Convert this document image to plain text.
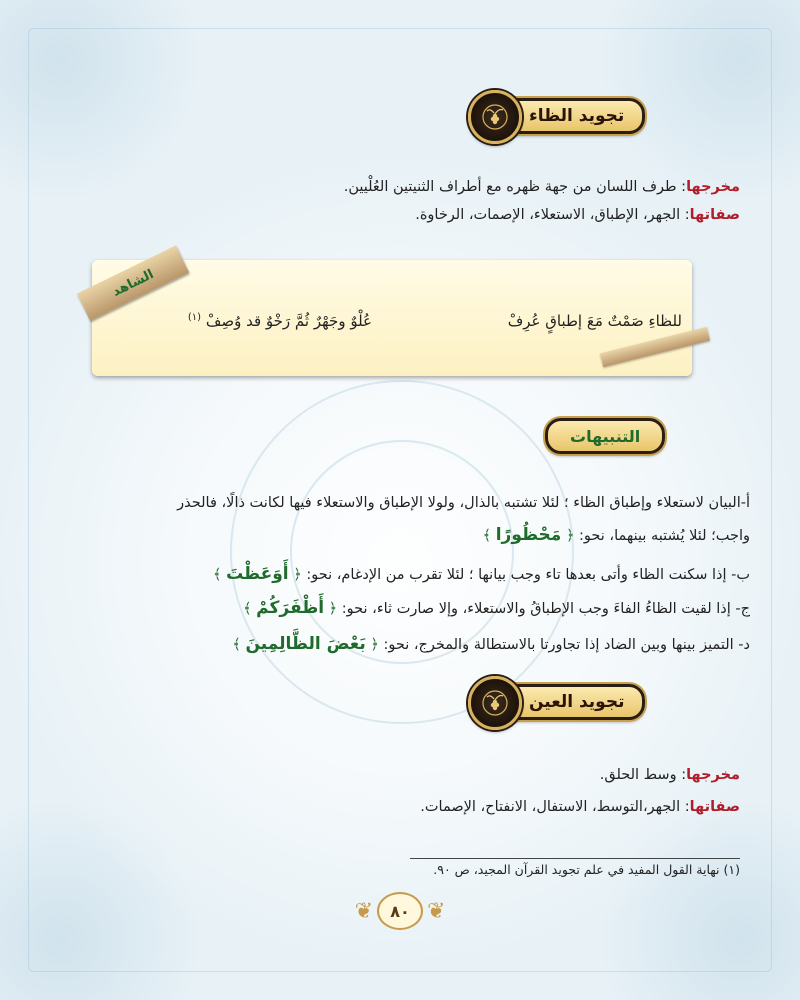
تجويد الظاء
مخرجها: طرف اللسان من جهة ظهره مع أطراف الثنيتين العُلْيين.
صفاتها: الجهر، الإطباق، الاستعلاء، الإصمات، الرخاوة.
الشاهد
للظاءِ صَمْتٌ مَعَ إطباقٍ عُرِفْ
عُلْوٌ وجَهْرٌ ثُمَّ رَخْوٌ قد وُصِفْ $^{(١)}$
التنبيهات
أ-البيان لاستعلاء وإطباق الظاء ؛ لئلا تشتبه بالذال، ولولا الإطباق والاستعلاء فيها لكانت ذالًا، فالحذر
واجب؛ لئلا يُشتبه بينهما، نحو: ﴿ مَحْظُورًا ﴾
ب- إذا سكنت الظاء وأتى بعدها تاء وجب بيانها ؛ لئلا تقرب من الإدغام، نحو: ﴿ أَوَعَظْتَ ﴾
ج- إذا لقيت الظاءُ الفاءَ وجب الإطباقُ والاستعلاء، وإلا صارت ثاء، نحو: ﴿ أَظْفَرَكُمْ ﴾
د- التميز بينها وبين الضاد إذا تجاورتا بالاستطالة والمخرج، نحو: ﴿ بَعْضَ الظَّالِمِينَ ﴾
تجويد العين
مخرجها: وسط الحلق.
صفاتها: الجهر،التوسط، الاستفال، الانفتاح، الإصمات.
(١) نهاية القول المفيد في علم تجويد القرآن المجيد، ص ٩٠.
❦
٨٠
❦
